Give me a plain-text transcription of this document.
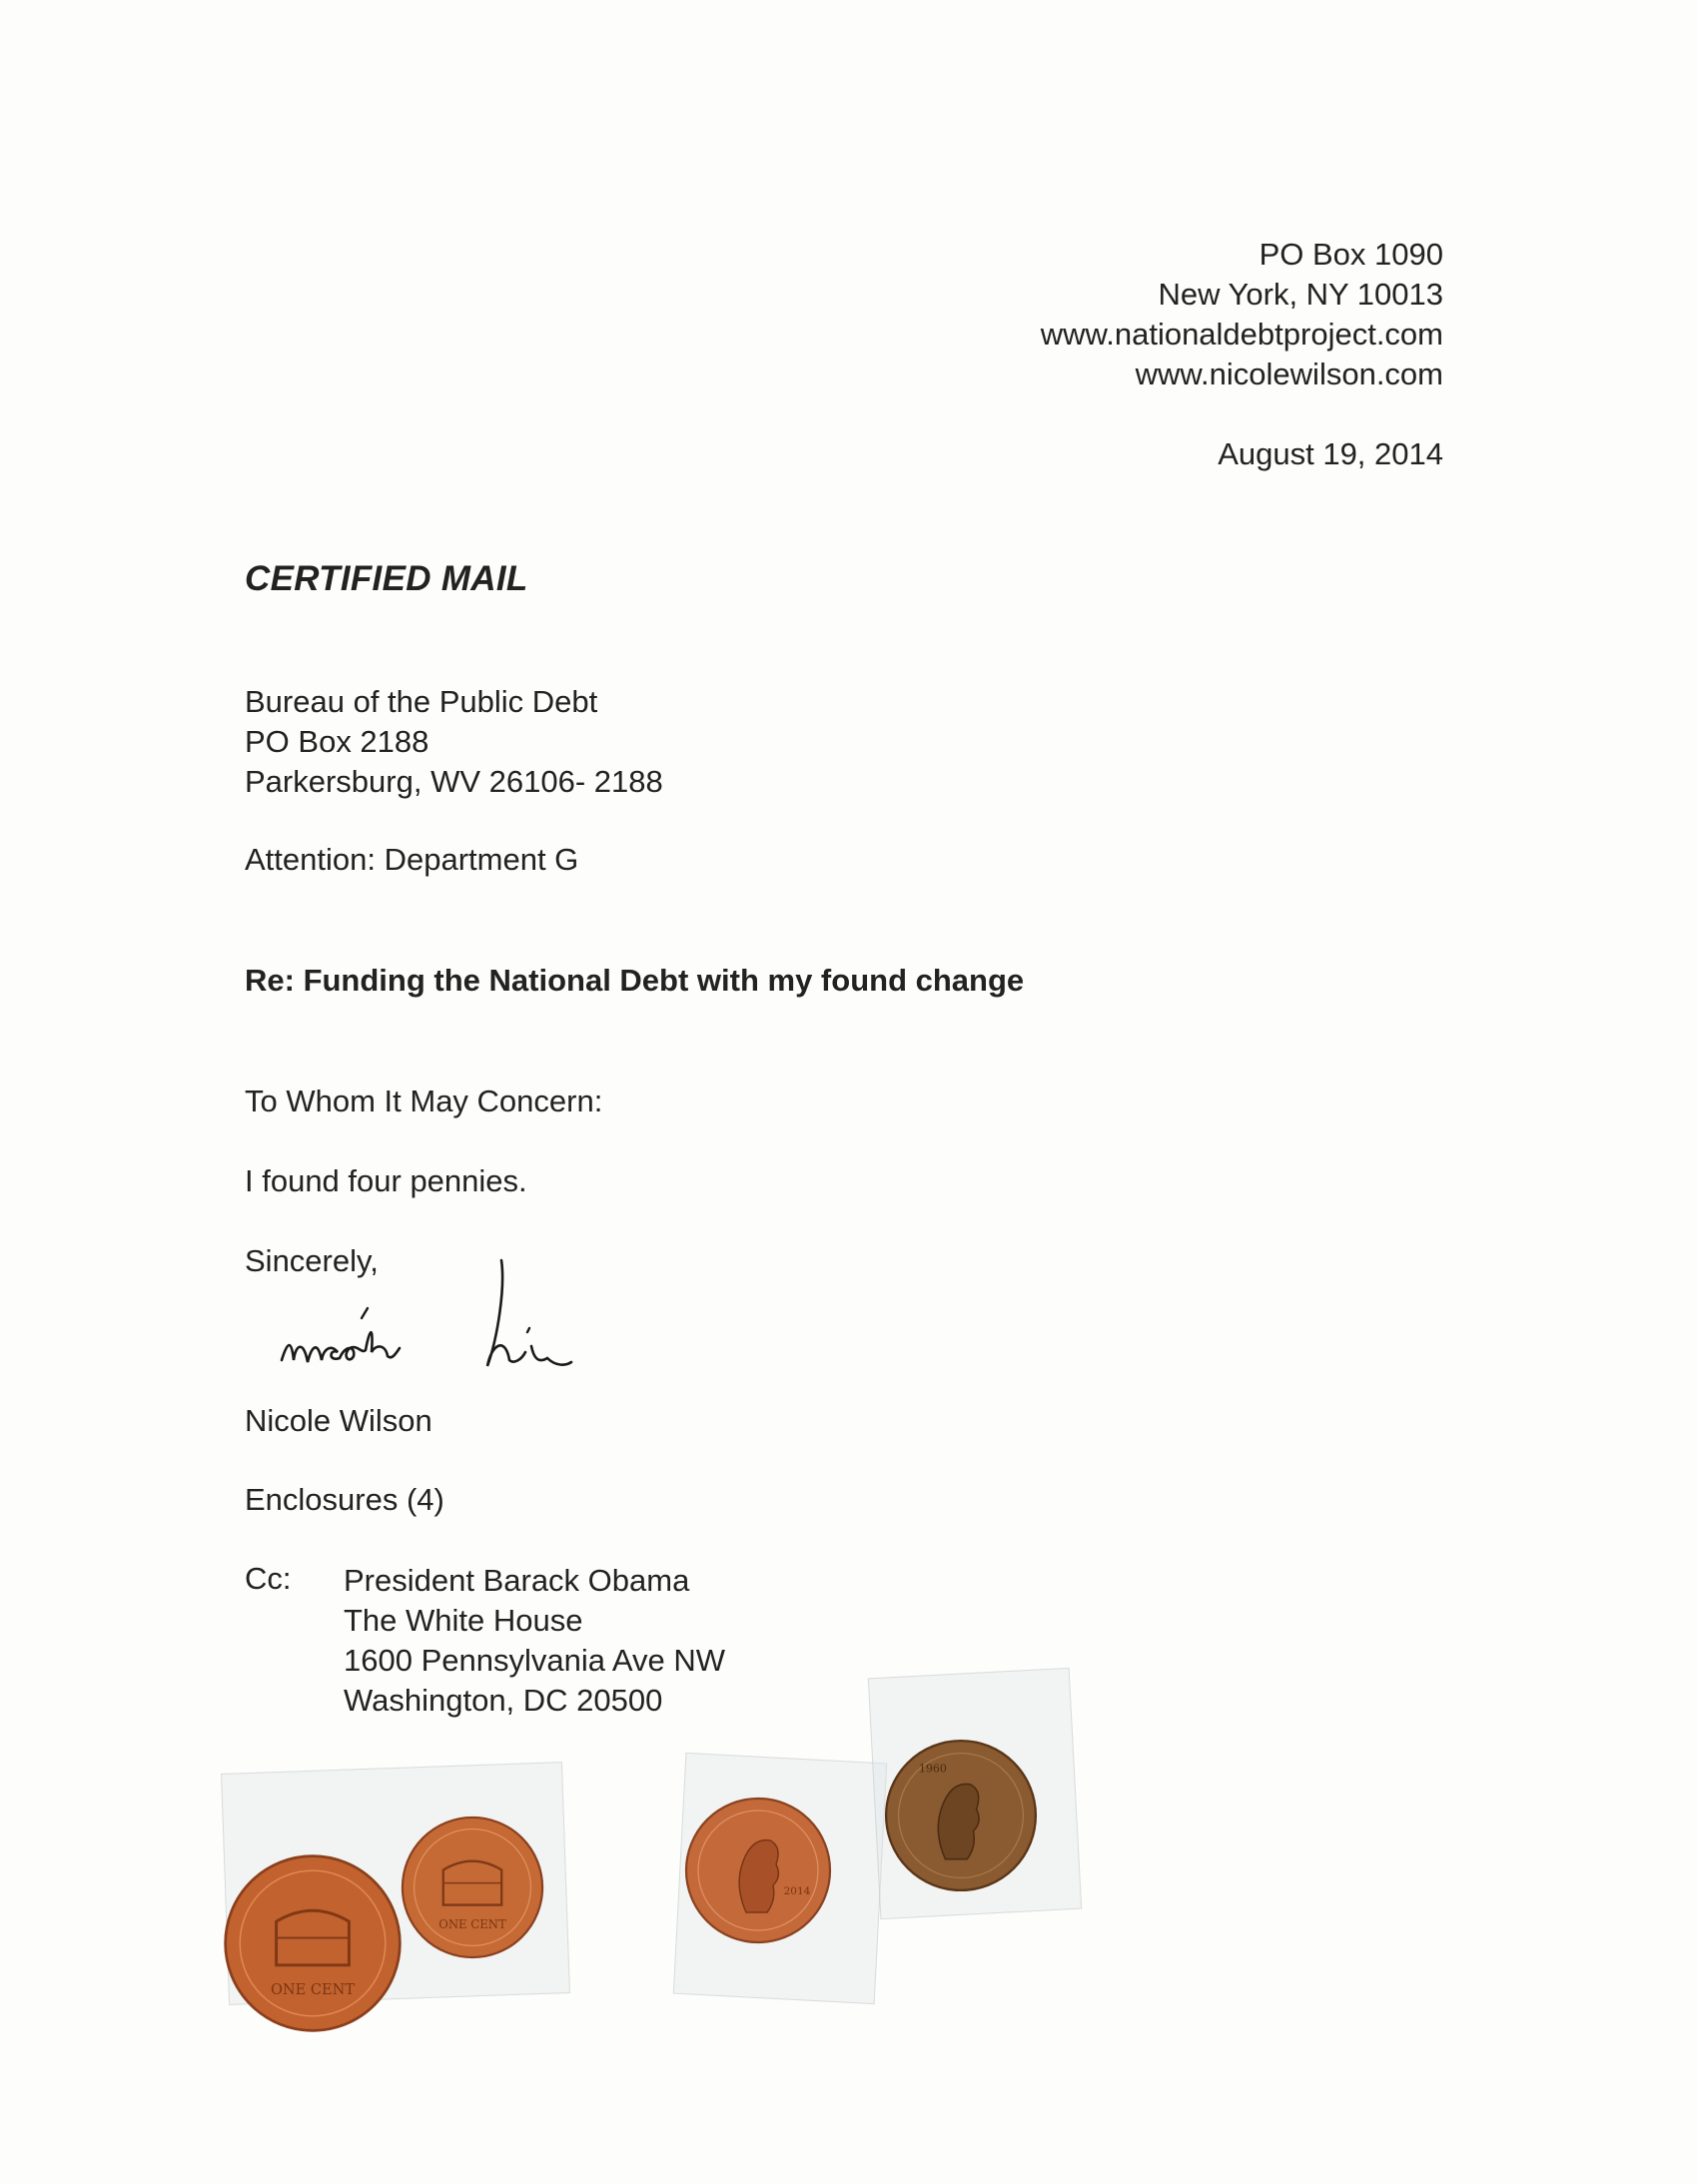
PO Box 1090
New York, NY 10013
www.nationaldebtproject.com
www.nicolewilson.com
August 19, 2014
CERTIFIED MAIL
Bureau of the Public Debt
PO Box 2188
Parkersburg, WV 26106- 2188
Attention: Department G
Re: Funding the National Debt with my found change
To Whom It May Concern:
I found four pennies.
Sincerely,
Nicole Wilson
Enclosures (4)
Cc: President Barack Obama
The White House
1600 Pennsylvania Ave NW
Washington, DC 20500
ONE CENT
ONE CENT
2014
1960
